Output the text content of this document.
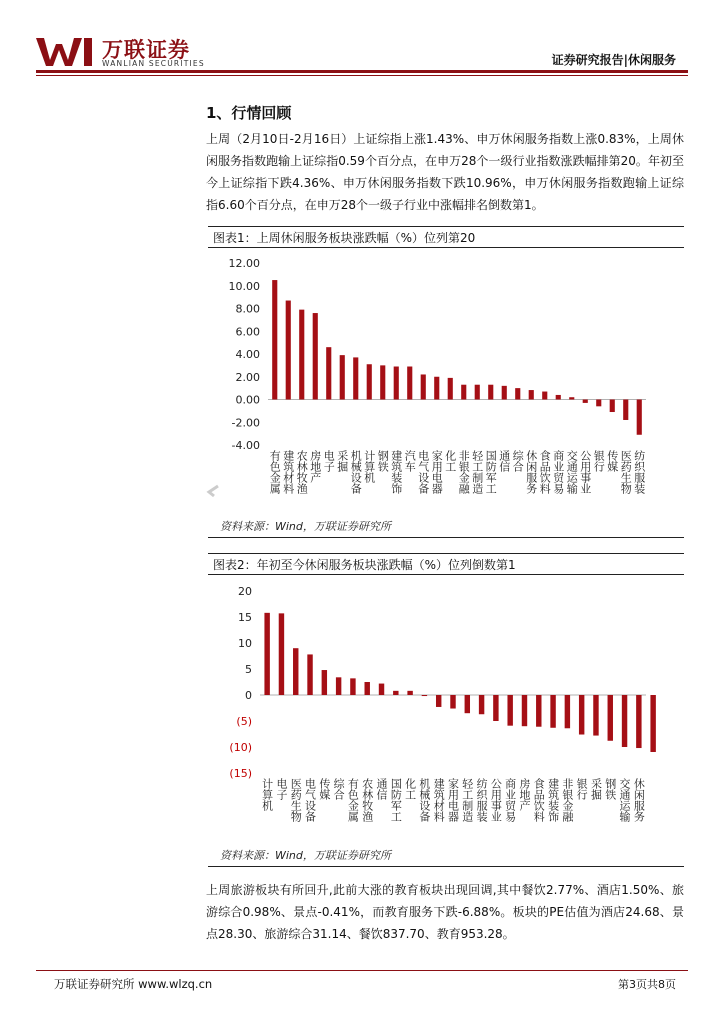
万联证券
WANLIAN SECURITIES	证券研究报告|休闲服务
1、行情回顾
上周（2月10日-2月16日）上证综指上涨1.43%、申万休闲服务指数上涨0.83%，上周休闲服务指数跑输上证综指0.59个百分点，在申万28个一级行业指数涨跌幅排第20。年初至今上证综指下跌4.36%、申万休闲服务指数下跌10.96%，申万休闲服务指数跑输上证综指6.60个百分点，在申万28个一级子行业中涨幅排名倒数第1。
图表1：上周休闲服务板块涨跌幅（%）位列第20
-4.00
-2.00
0.00
2.00
4.00
6.00
8.00
10.00
12.00
有色金属 建筑材料 农林牧渔 房地产 电子 采掘 机械设备 计算机 钢铁 建筑装饰 汽车 电气设备 家用电器 化工 非银金融 轻工制造 国防军工 通信 综合 休闲服务 食品饮料 商业贸易 交通运输 公用事业 银行 传媒 医药生物 纺织服装
资料来源：Wind，万联证券研究所
图表2：年初至今休闲服务板块涨跌幅（%）位列倒数第1
(15)
(10)
(5)
0
5
10
15
20
计算机 电子 医药生物 电气设备 传媒 综合 有色金属 农林牧渔 通信 国防军工 化工 机械设备 建筑材料 家用电器 轻工制造 纺织服装 公用事业 商业贸易 房地产 食品饮料 建筑装饰 非银金融 银行 采掘 钢铁 交通运输 休闲服务
资料来源：Wind，万联证券研究所
上周旅游板块有所回升,此前大涨的教育板块出现回调,其中餐饮2.77%、酒店1.50%、旅游综合0.98%、景点-0.41%，而教育服务下跌-6.88%。板块的PE估值为酒店24.68、景点28.30、旅游综合31.14、餐饮837.70、教育953.28。
万联证券研究所 www.wlzq.cn	第3页共8页
